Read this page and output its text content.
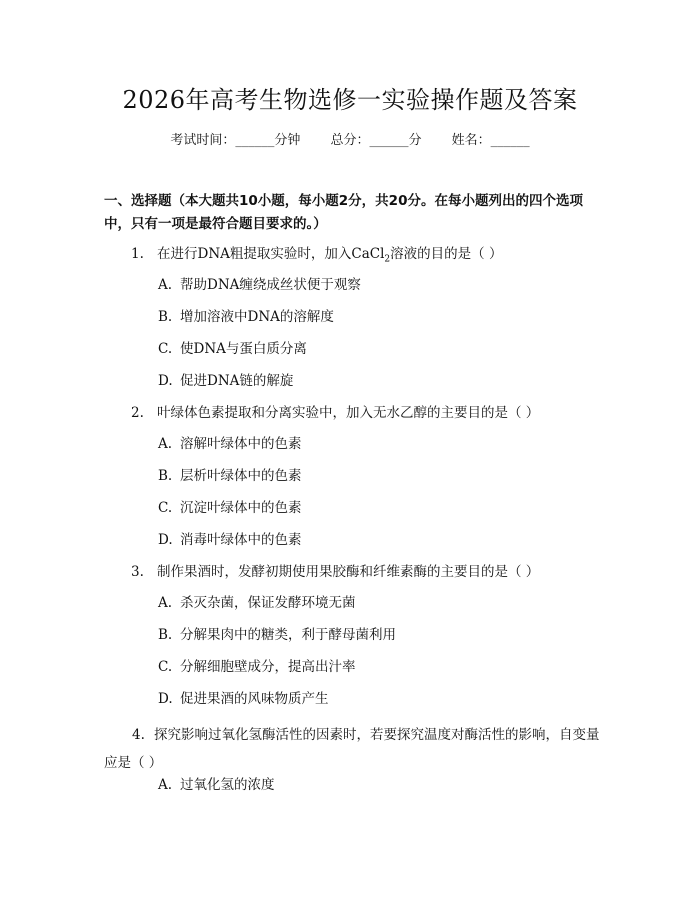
2026年高考生物选修一实验操作题及答案
考试时间：______分钟 总分：______分 姓名：______
一、选择题（本大题共10小题，每小题2分，共20分。在每小题列出的四个选项中，只有一项是最符合题目要求的。）
1. 在进行DNA粗提取实验时，加入CaCl$_2$溶液的目的是（ ）
A. 帮助DNA缠绕成丝状便于观察
B. 增加溶液中DNA的溶解度
C. 使DNA与蛋白质分离
D. 促进DNA链的解旋
2. 叶绿体色素提取和分离实验中，加入无水乙醇的主要目的是（ ）
A. 溶解叶绿体中的色素
B. 层析叶绿体中的色素
C. 沉淀叶绿体中的色素
D. 消毒叶绿体中的色素
3. 制作果酒时，发酵初期使用果胶酶和纤维素酶的主要目的是（ ）
A. 杀灭杂菌，保证发酵环境无菌
B. 分解果肉中的糖类，利于酵母菌利用
C. 分解细胞壁成分，提高出汁率
D. 促进果酒的风味物质产生
4. 探究影响过氧化氢酶活性的因素时，若要探究温度对酶活性的影响，自变量应是（ ）
A. 过氧化氢的浓度
